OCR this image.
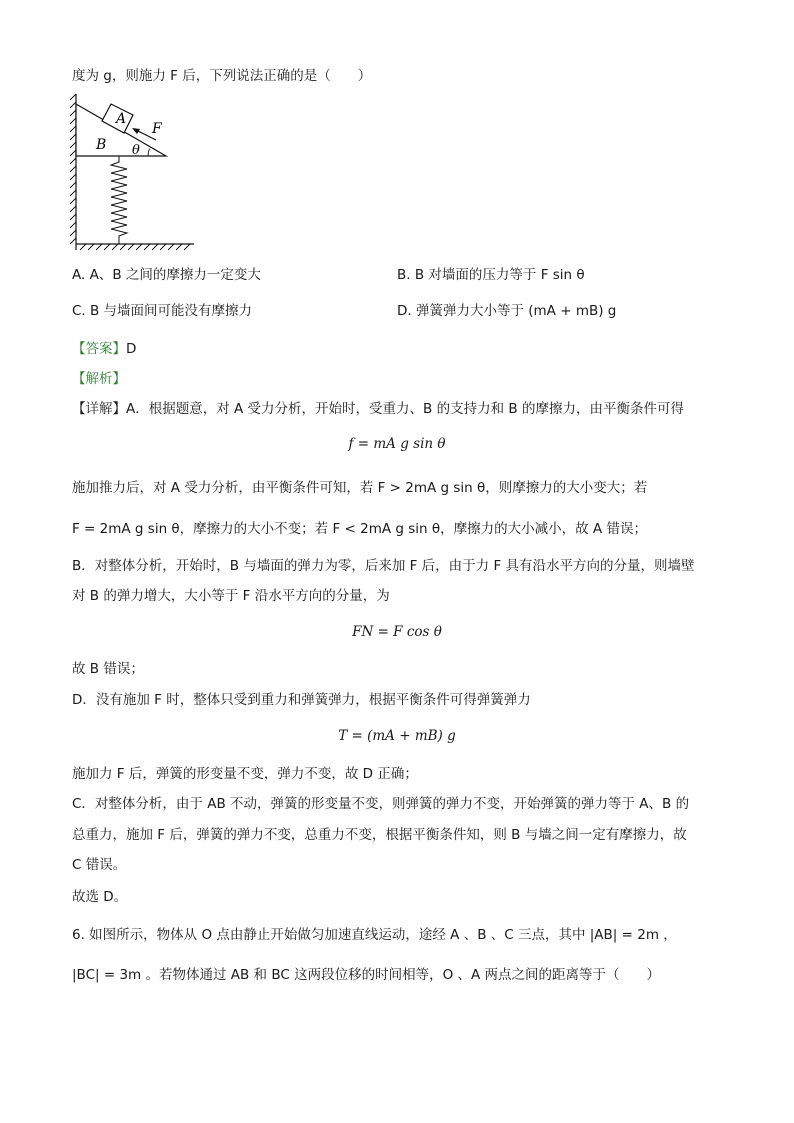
度为 g，则施力 F 后，下列说法正确的是（　　）
A
B
F
θ
A. A、B 之间的摩擦力一定变大	B. B 对墙面的压力等于 F sin θ
C. B 与墙面间可能没有摩擦力	D. 弹簧弹力大小等于 (mA + mB) g
【答案】D
【解析】
【详解】A．根据题意，对 A 受力分析，开始时，受重力、B 的支持力和 B 的摩擦力，由平衡条件可得
f = mA g sin θ
施加推力后，对 A 受力分析，由平衡条件可知，若 F > 2mA g sin θ，则摩擦力的大小变大；若
F = 2mA g sin θ，摩擦力的大小不变；若 F < 2mA g sin θ，摩擦力的大小减小，故 A 错误；
B．对整体分析，开始时，B 与墙面的弹力为零，后来加 F 后，由于力 F 具有沿水平方向的分量，则墙壁
对 B 的弹力增大，大小等于 F 沿水平方向的分量，为
FN = F cos θ
故 B 错误；
D．没有施加 F 时，整体只受到重力和弹簧弹力，根据平衡条件可得弹簧弹力
T = (mA + mB) g
施加力 F 后，弹簧的形变量不变，弹力不变，故 D 正确；
C．对整体分析，由于 AB 不动，弹簧的形变量不变，则弹簧的弹力不变，开始弹簧的弹力等于 A、B 的
总重力，施加 F 后，弹簧的弹力不变，总重力不变，根据平衡条件知，则 B 与墙之间一定有摩擦力，故
C 错误。
故选 D。
6. 如图所示，物体从 O 点由静止开始做匀加速直线运动，途经 A 、B 、C 三点，其中 |AB| = 2m ，
|BC| = 3m 。若物体通过 AB 和 BC 这两段位移的时间相等，O 、A 两点之间的距离等于（　　）
